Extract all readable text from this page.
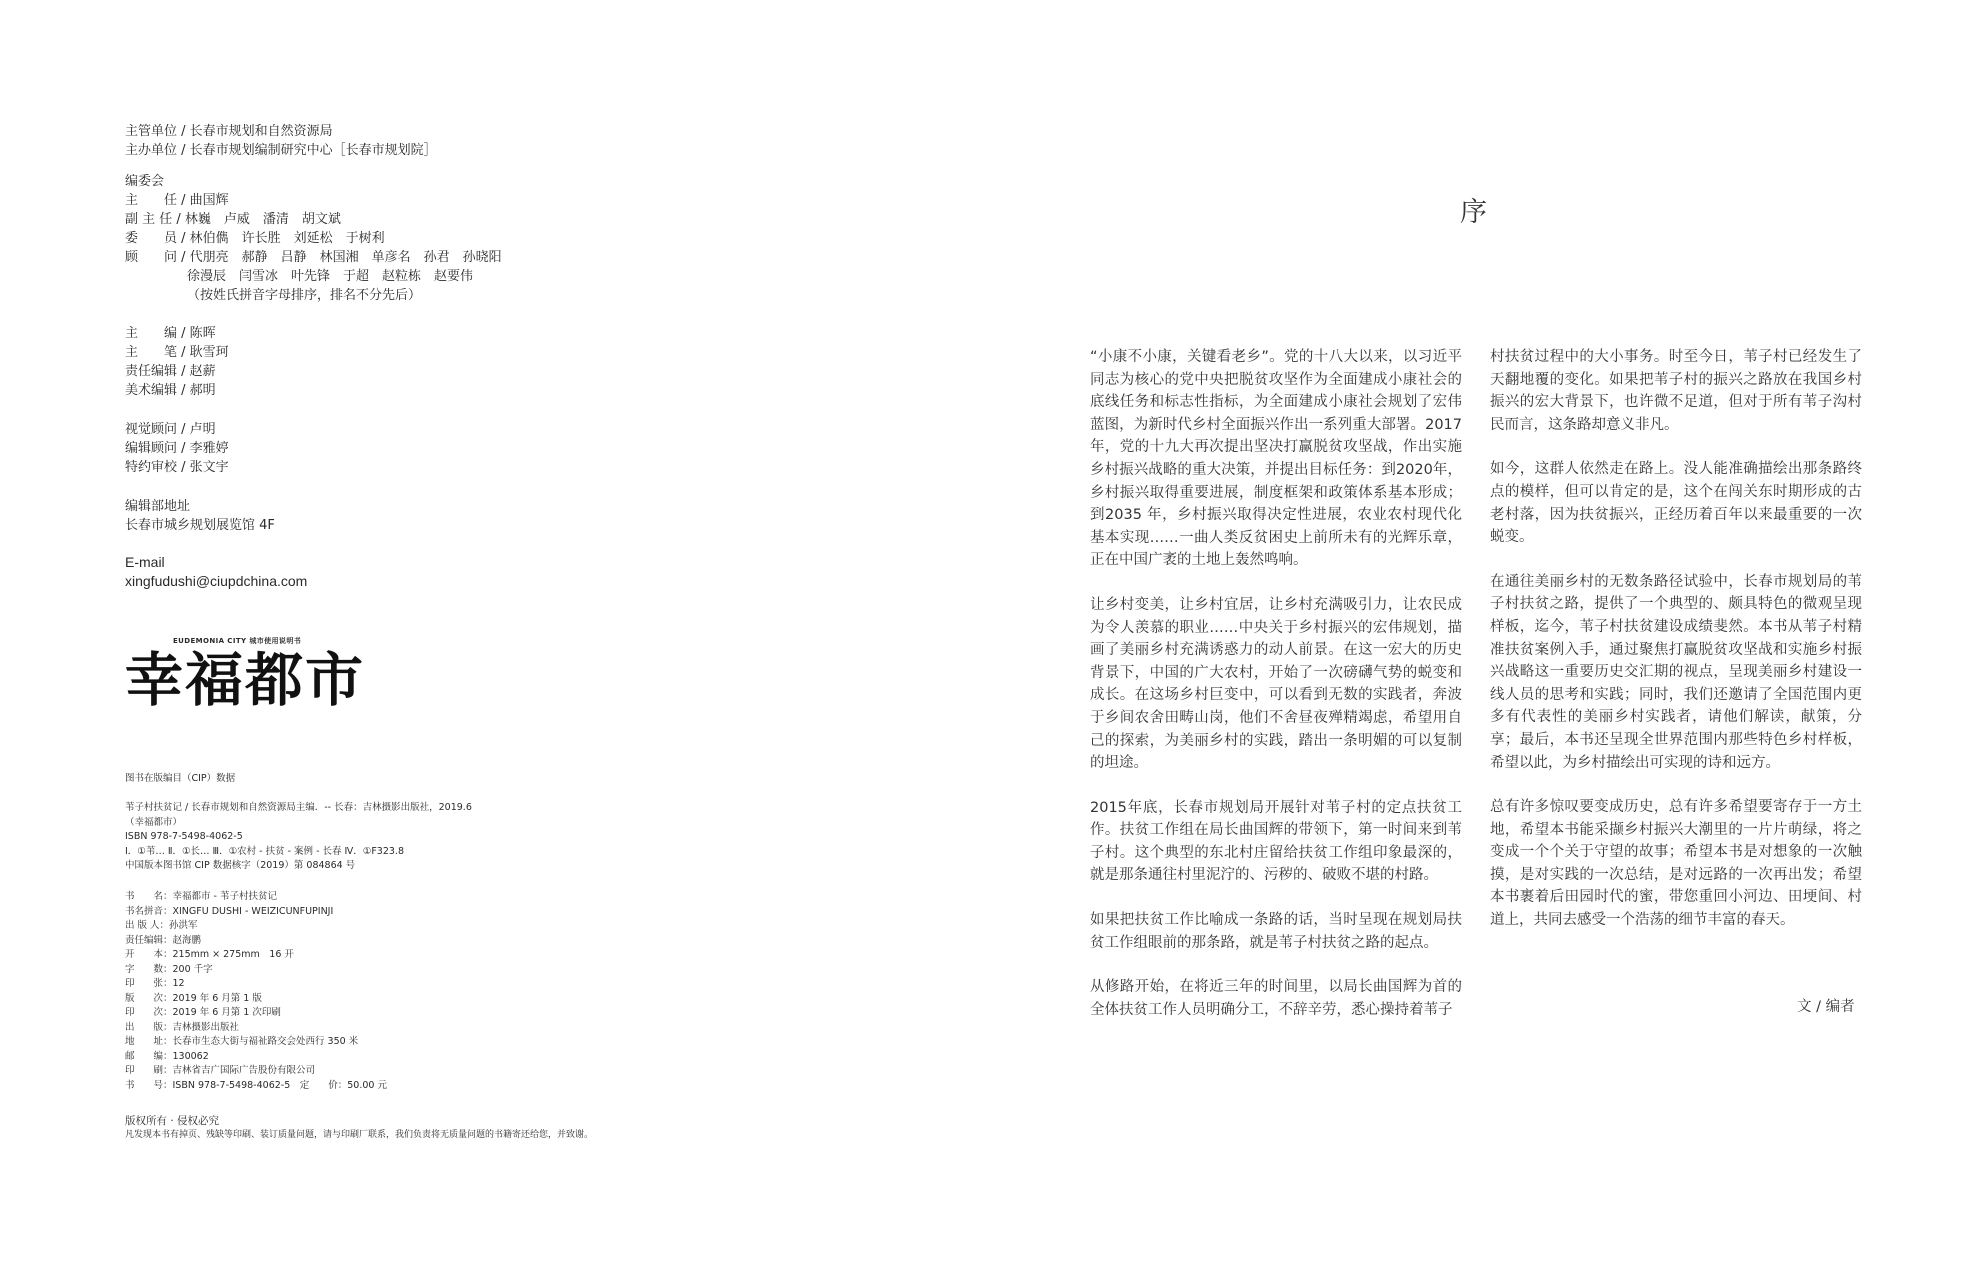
主管单位 / 长春市规划和自然资源局
主办单位 / 长春市规划编制研究中心［长春市规划院］
编委会
主　　任 / 曲国辉
副 主 任 / 林巍　卢威　潘清　胡文斌
委　　员 / 林伯儁　许长胜　刘延松　于树利
顾　　问 / 代朋亮　郝静　吕静　林国湘　单彦名　孙君　孙晓阳
徐漫辰　闫雪冰　叶先锋　于超　赵粒栋　赵要伟
（按姓氏拼音字母排序，排名不分先后）
主　　编 / 陈晖
主　　笔 / 耿雪珂
责任编辑 / 赵薪
美术编辑 / 郝明
视觉顾问 / 卢明
编辑顾问 / 李雅婷
特约审校 / 张文宇
编辑部地址
长春市城乡规划展览馆 4F
E-mail
xingfudushi@ciupdchina.com
EUDEMONIA CITY 城市使用说明书
幸福都市
图书在版编目（CIP）数据
苇子村扶贫记 / 长春市规划和自然资源局主编．-- 长春：吉林摄影出版社，2019.6
（幸福都市）
ISBN 978-7-5498-4062-5
Ⅰ．①苇… Ⅱ．①长… Ⅲ．①农村 - 扶贫 - 案例 - 长春 Ⅳ．①F323.8
中国版本图书馆 CIP 数据核字（2019）第 084864 号
书　　名：幸福都市 - 苇子村扶贫记
书名拼音：XINGFU DUSHI - WEIZICUNFUPINJI
出 版 人：孙洪军
责任编辑：赵海鹏
开　　本：215mm × 275mm　16 开
字　　数：200 千字
印　　张：12
版　　次：2019 年 6 月第 1 版
印　　次：2019 年 6 月第 1 次印刷
出　　版：吉林摄影出版社
地　　址：长春市生态大街与福祉路交会处西行 350 米
邮　　编：130062
印　　刷：吉林省吉广国际广告股份有限公司
书　　号：ISBN 978-7-5498-4062-5　定　　价：50.00 元
版权所有 · 侵权必究
凡发现本书有掉页、残缺等印刷、装订质量问题，请与印刷厂联系，我们负责将无质量问题的书籍寄还给您，并致谢。
序

“小康不小康，关键看老乡”。党的十八大以来，以习近平同志为核心的党中央把脱贫攻坚作为全面建成小康社会的底线任务和标志性指标，为全面建成小康社会规划了宏伟蓝图，为新时代乡村全面振兴作出一系列重大部署。2017年，党的十九大再次提出坚决打赢脱贫攻坚战，作出实施乡村振兴战略的重大决策，并提出目标任务：到2020年，乡村振兴取得重要进展，制度框架和政策体系基本形成；到2035 年，乡村振兴取得决定性进展，农业农村现代化基本实现……一曲人类反贫困史上前所未有的光辉乐章，正在中国广袤的土地上轰然鸣响。

让乡村变美，让乡村宜居，让乡村充满吸引力，让农民成为令人羡慕的职业……中央关于乡村振兴的宏伟规划，描画了美丽乡村充满诱惑力的动人前景。在这一宏大的历史背景下，中国的广大农村，开始了一次磅礴气势的蜕变和成长。在这场乡村巨变中，可以看到无数的实践者，奔波于乡间农舍田畴山岗，他们不舍昼夜殚精竭虑，希望用自己的探索，为美丽乡村的实践，踏出一条明媚的可以复制的坦途。

2015年底，长春市规划局开展针对苇子村的定点扶贫工作。扶贫工作组在局长曲国辉的带领下，第一时间来到苇子村。这个典型的东北村庄留给扶贫工作组印象最深的，就是那条通往村里泥泞的、污秽的、破败不堪的村路。

如果把扶贫工作比喻成一条路的话，当时呈现在规划局扶贫工作组眼前的那条路，就是苇子村扶贫之路的起点。

从修路开始，在将近三年的时间里，以局长曲国辉为首的全体扶贫工作人员明确分工，不辞辛劳，悉心操持着苇子

村扶贫过程中的大小事务。时至今日，苇子村已经发生了天翻地覆的变化。如果把苇子村的振兴之路放在我国乡村振兴的宏大背景下，也许微不足道，但对于所有苇子沟村民而言，这条路却意义非凡。

如今，这群人依然走在路上。没人能准确描绘出那条路终点的模样，但可以肯定的是，这个在闯关东时期形成的古老村落，因为扶贫振兴，正经历着百年以来最重要的一次蜕变。

在通往美丽乡村的无数条路径试验中，长春市规划局的苇子村扶贫之路，提供了一个典型的、颇具特色的微观呈现样板，迄今，苇子村扶贫建设成绩斐然。本书从苇子村精准扶贫案例入手，通过聚焦打赢脱贫攻坚战和实施乡村振兴战略这一重要历史交汇期的视点，呈现美丽乡村建设一线人员的思考和实践；同时，我们还邀请了全国范围内更多有代表性的美丽乡村实践者，请他们解读，献策，分享；最后，本书还呈现全世界范围内那些特色乡村样板，希望以此，为乡村描绘出可实现的诗和远方。

总有许多惊叹要变成历史，总有许多希望要寄存于一方土地，希望本书能采撷乡村振兴大潮里的一片片萌绿，将之变成一个个关于守望的故事；希望本书是对想象的一次触摸，是对实践的一次总结，是对远路的一次再出发；希望本书裹着后田园时代的蜜，带您重回小河边、田埂间、村道上，共同去感受一个浩荡的细节丰富的春天。

文 / 编者
